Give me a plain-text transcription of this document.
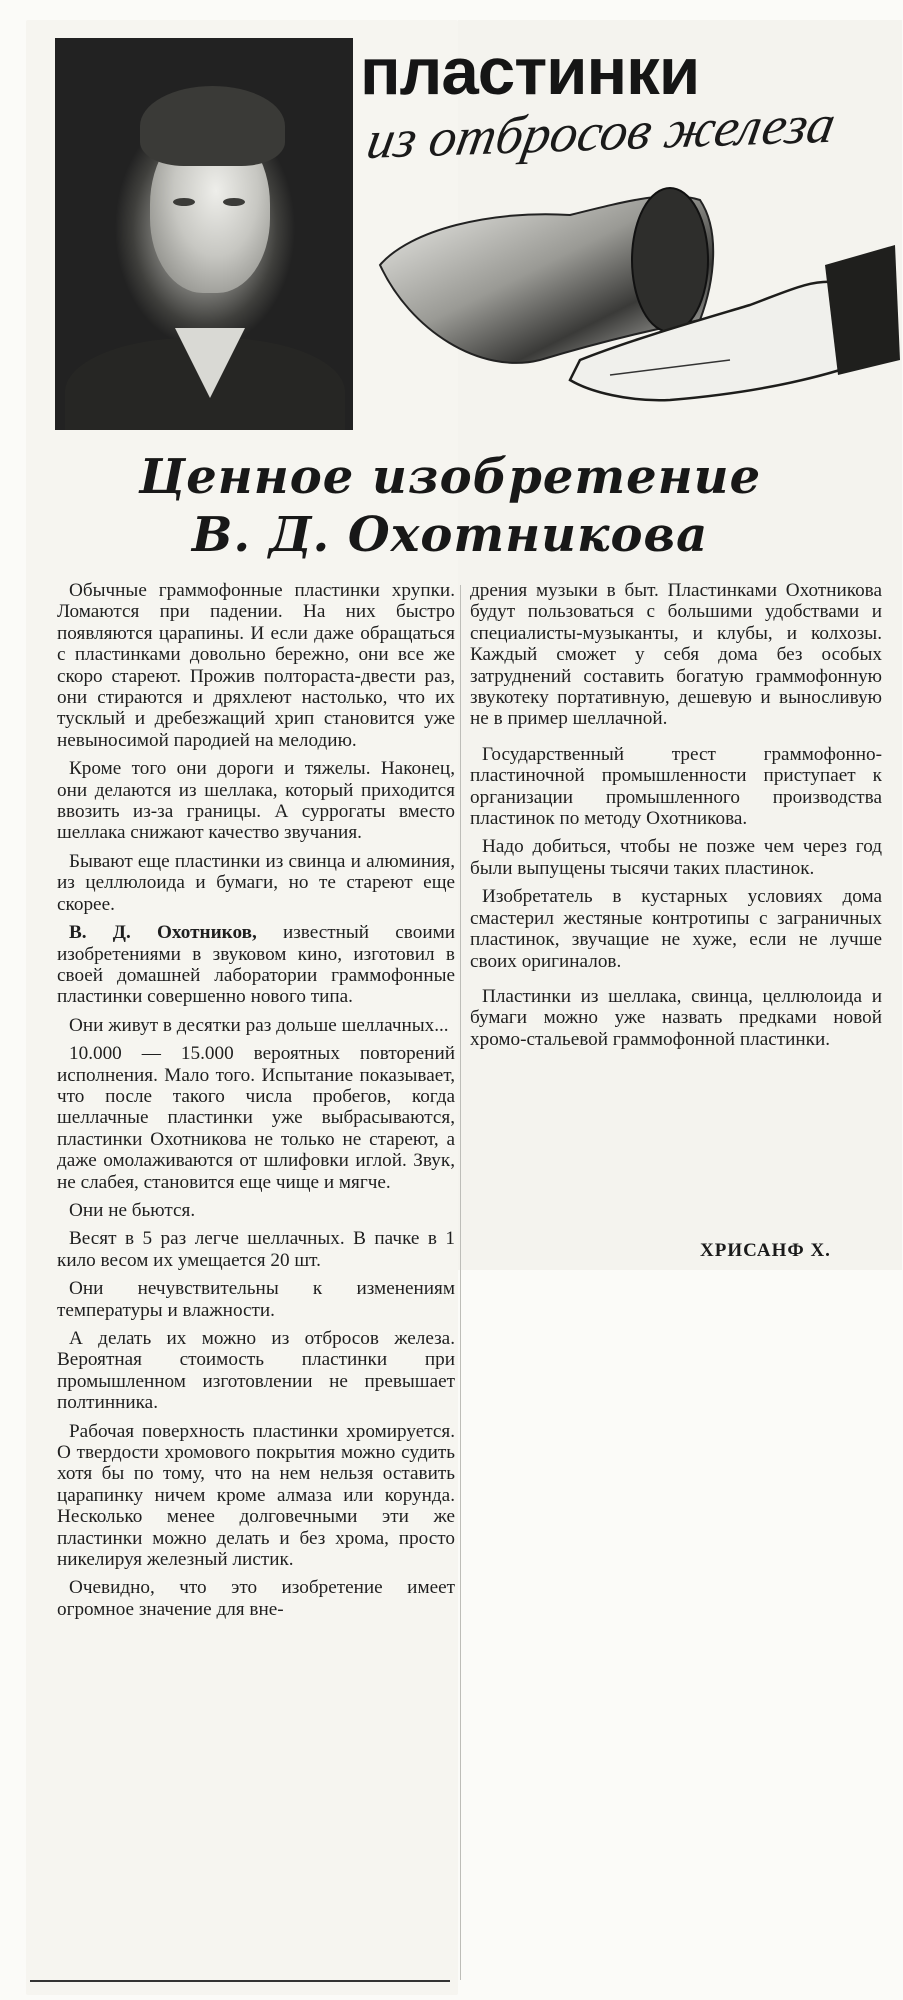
пластинки
из отбросов железа
Ценное изобретение
В. Д. Охотникова

Обычные граммофонные пластинки хрупки. Ломаются при падении. На них быстро появляются царапины. И если даже обращаться с пластинками довольно бережно, они все же скоро стареют. Прожив полтораста-двести раз, они стираются и дряхлеют настолько, что их тусклый и дребезжащий хрип становится уже невыносимой пародией на мелодию.

Кроме того они дороги и тяжелы. Наконец, они делаются из шеллака, который приходится ввозить из-за границы. А суррогаты вместо шеллака снижают качество звучания.

Бывают еще пластинки из свинца и алюминия, из целлюлоида и бумаги, но те стареют еще скорее.

В. Д. Охотников, известный своими изобретениями в звуковом кино, изготовил в своей домашней лаборатории граммофонные пластинки совершенно нового типа.

Они живут в десятки раз дольше шеллачных...

10.000 — 15.000 вероятных повторений исполнения. Мало того. Испытание показывает, что после такого числа пробегов, когда шеллачные пластинки уже выбрасываются, пластинки Охотникова не только не стареют, а даже омолаживаются от шлифовки иглой. Звук, не слабея, становится еще чище и мягче.

Они не бьются.

Весят в 5 раз легче шеллачных. В пачке в 1 кило весом их умещается 20 шт.

Они нечувствительны к изменениям температуры и влажности.

А делать их можно из отбросов железа. Вероятная стоимость пластинки при промышленном изготовлении не превышает полтинника.

Рабочая поверхность пластинки хромируется. О твердости хромового покрытия можно судить хотя бы по тому, что на нем нельзя оставить царапинку ничем кроме алмаза или корунда. Несколько менее долговечными эти же пластинки можно делать и без хрома, просто никелируя железный листик.

Очевидно, что это изобретение имеет огромное значение для вне-

дрения музыки в быт. Пластинками Охотникова будут пользоваться с большими удобствами и специалисты-музыканты, и клубы, и колхозы. Каждый сможет у себя дома без особых затруднений составить богатую граммофонную звукотеку портативную, дешевую и выносливую не в пример шеллачной.

Государственный трест граммофонно-пластиночной промышленности приступает к организации промышленного производства пластинок по методу Охотникова.

Надо добиться, чтобы не позже чем через год были выпущены тысячи таких пластинок.

Изобретатель в кустарных условиях дома смастерил жестяные контротипы с заграничных пластинок, звучащие не хуже, если не лучше своих оригиналов.

Пластинки из шеллака, свинца, целлюлоида и бумаги можно уже назвать предками новой хромо-стальевой граммофонной пластинки.

ХРИСАНФ Х.
